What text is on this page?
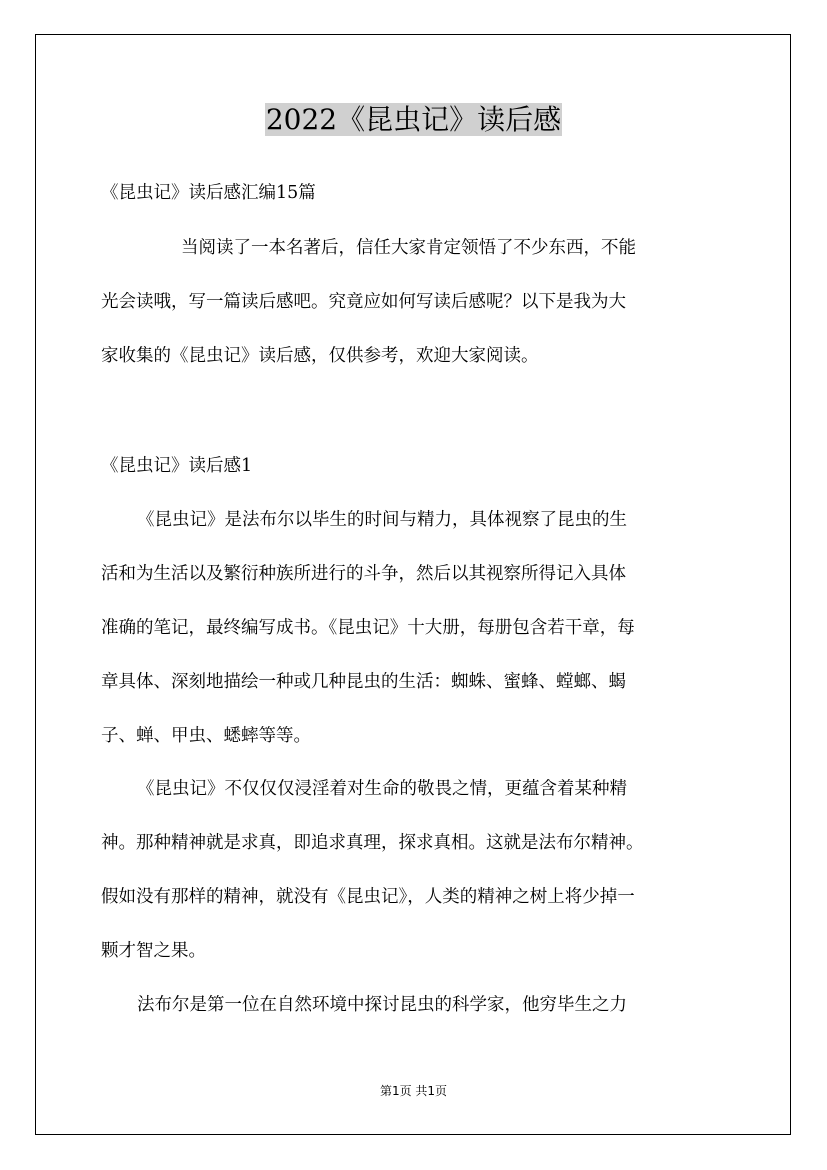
2022《昆虫记》读后感
《昆虫记》读后感汇编15篇
当阅读了一本名著后，信任大家肯定领悟了不少东西，不能
光会读哦，写一篇读后感吧。究竟应如何写读后感呢？以下是我为大
家收集的《昆虫记》读后感，仅供参考，欢迎大家阅读。
《昆虫记》读后感1
《昆虫记》是法布尔以毕生的时间与精力，具体视察了昆虫的生
活和为生活以及繁衍种族所进行的斗争，然后以其视察所得记入具体
准确的笔记，最终编写成书。《昆虫记》十大册，每册包含若干章，每
章具体、深刻地描绘一种或几种昆虫的生活：蜘蛛、蜜蜂、螳螂、蝎
子、蝉、甲虫、蟋蟀等等。
《昆虫记》不仅仅仅浸淫着对生命的敬畏之情，更蕴含着某种精
神。那种精神就是求真，即追求真理，探求真相。这就是法布尔精神。
假如没有那样的精神，就没有《昆虫记》，人类的精神之树上将少掉一
颗才智之果。
法布尔是第一位在自然环境中探讨昆虫的科学家，他穷毕生之力
第1页 共1页
